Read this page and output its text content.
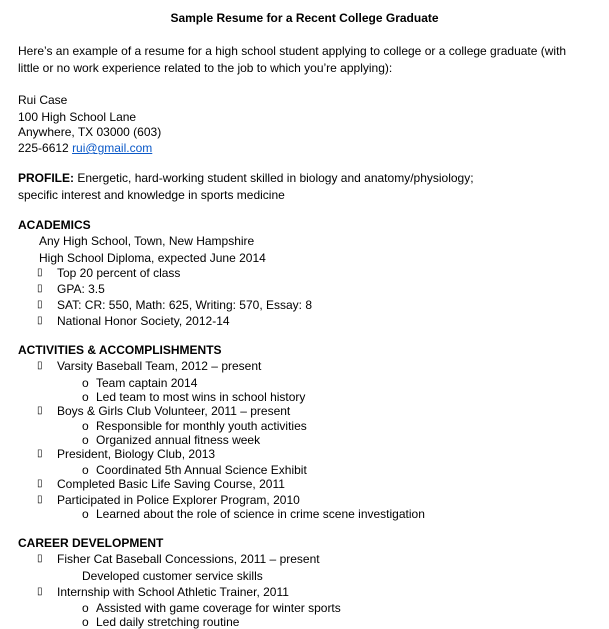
Sample Resume for a Recent College Graduate
Here’s an example of a resume for a high school student applying to college or a college graduate (with
little or no work experience related to the job to which you’re applying):
Rui Case
100 High School Lane
Anywhere, TX 03000 (603)
225-6612 rui@gmail.com
PROFILE: Energetic, hard-working student skilled in biology and anatomy/physiology;
specific interest and knowledge in sports medicine
ACADEMICS
Any High School, Town, New Hampshire
High School Diploma, expected June 2014
▯ Top 20 percent of class
▯ GPA: 3.5
▯ SAT: CR: 550, Math: 625, Writing: 570, Essay: 8
▯ National Honor Society, 2012-14
ACTIVITIES & ACCOMPLISHMENTS
▯ Varsity Baseball Team, 2012 – present
o Team captain 2014
o Led team to most wins in school history
▯ Boys & Girls Club Volunteer, 2011 – present
o Responsible for monthly youth activities
o Organized annual fitness week
▯ President, Biology Club, 2013
o Coordinated 5th Annual Science Exhibit
▯ Completed Basic Life Saving Course, 2011
▯ Participated in Police Explorer Program, 2010
o Learned about the role of science in crime scene investigation
CAREER DEVELOPMENT
▯ Fisher Cat Baseball Concessions, 2011 – present
Developed customer service skills
▯ Internship with School Athletic Trainer, 2011
o Assisted with game coverage for winter sports
o Led daily stretching routine
